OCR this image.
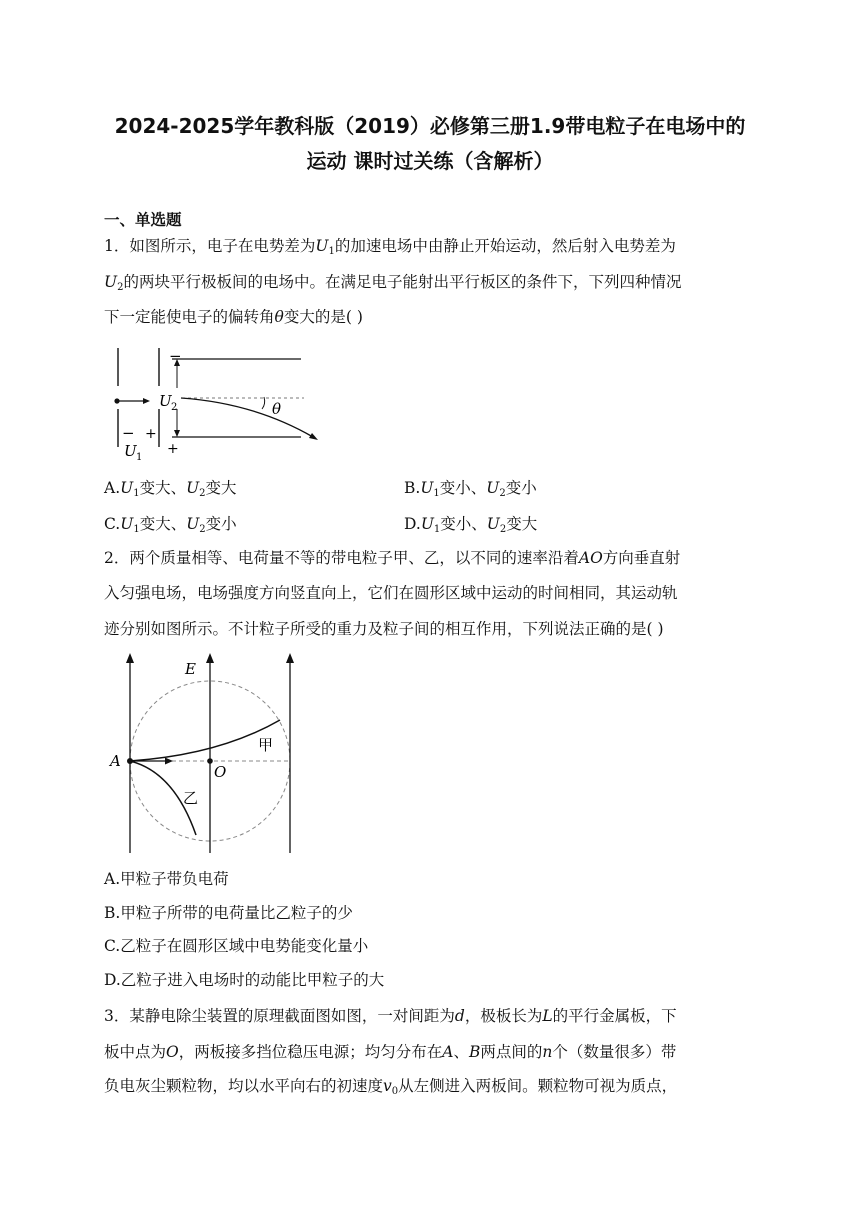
2024-2025学年教科版（2019）必修第三册1.9带电粒子在电场中的
运动 课时过关练（含解析）
一、单选题
1．如图所示，电子在电势差为$U_1$的加速电场中由静止开始运动，然后射入电势差为
$U_2$的两块平行极板间的电场中。在满足电子能射出平行板区的条件下，下列四种情况
下一定能使电子的偏转角θ变大的是( )
−
+
U 2	θ
− +
U 1
$A.U_1$变大、$U_2$变大	$B.U_1$变小、$U_2$变小
$C.U_1$变大、$U_2$变小	$D.U_1$变小、$U_2$变大
2．两个质量相等、电荷量不等的带电粒子甲、乙，以不同的速率沿着AO方向垂直射
入匀强电场，电场强度方向竖直向上，它们在圆形区域中运动的时间相同，其运动轨
迹分别如图所示。不计粒子所受的重力及粒子间的相互作用，下列说法正确的是( )
E
A
O
甲
乙
A.甲粒子带负电荷
B.甲粒子所带的电荷量比乙粒子的少
C.乙粒子在圆形区域中电势能变化量小
D.乙粒子进入电场时的动能比甲粒子的大
3．某静电除尘装置的原理截面图如图，一对间距为d，极板长为L的平行金属板，下
板中点为O，两板接多挡位稳压电源；均匀分布在A、B两点间的n个（数量很多）带
负电灰尘颗粒物，均以水平向右的初速度$v_0$从左侧进入两板间。颗粒物可视为质点，
